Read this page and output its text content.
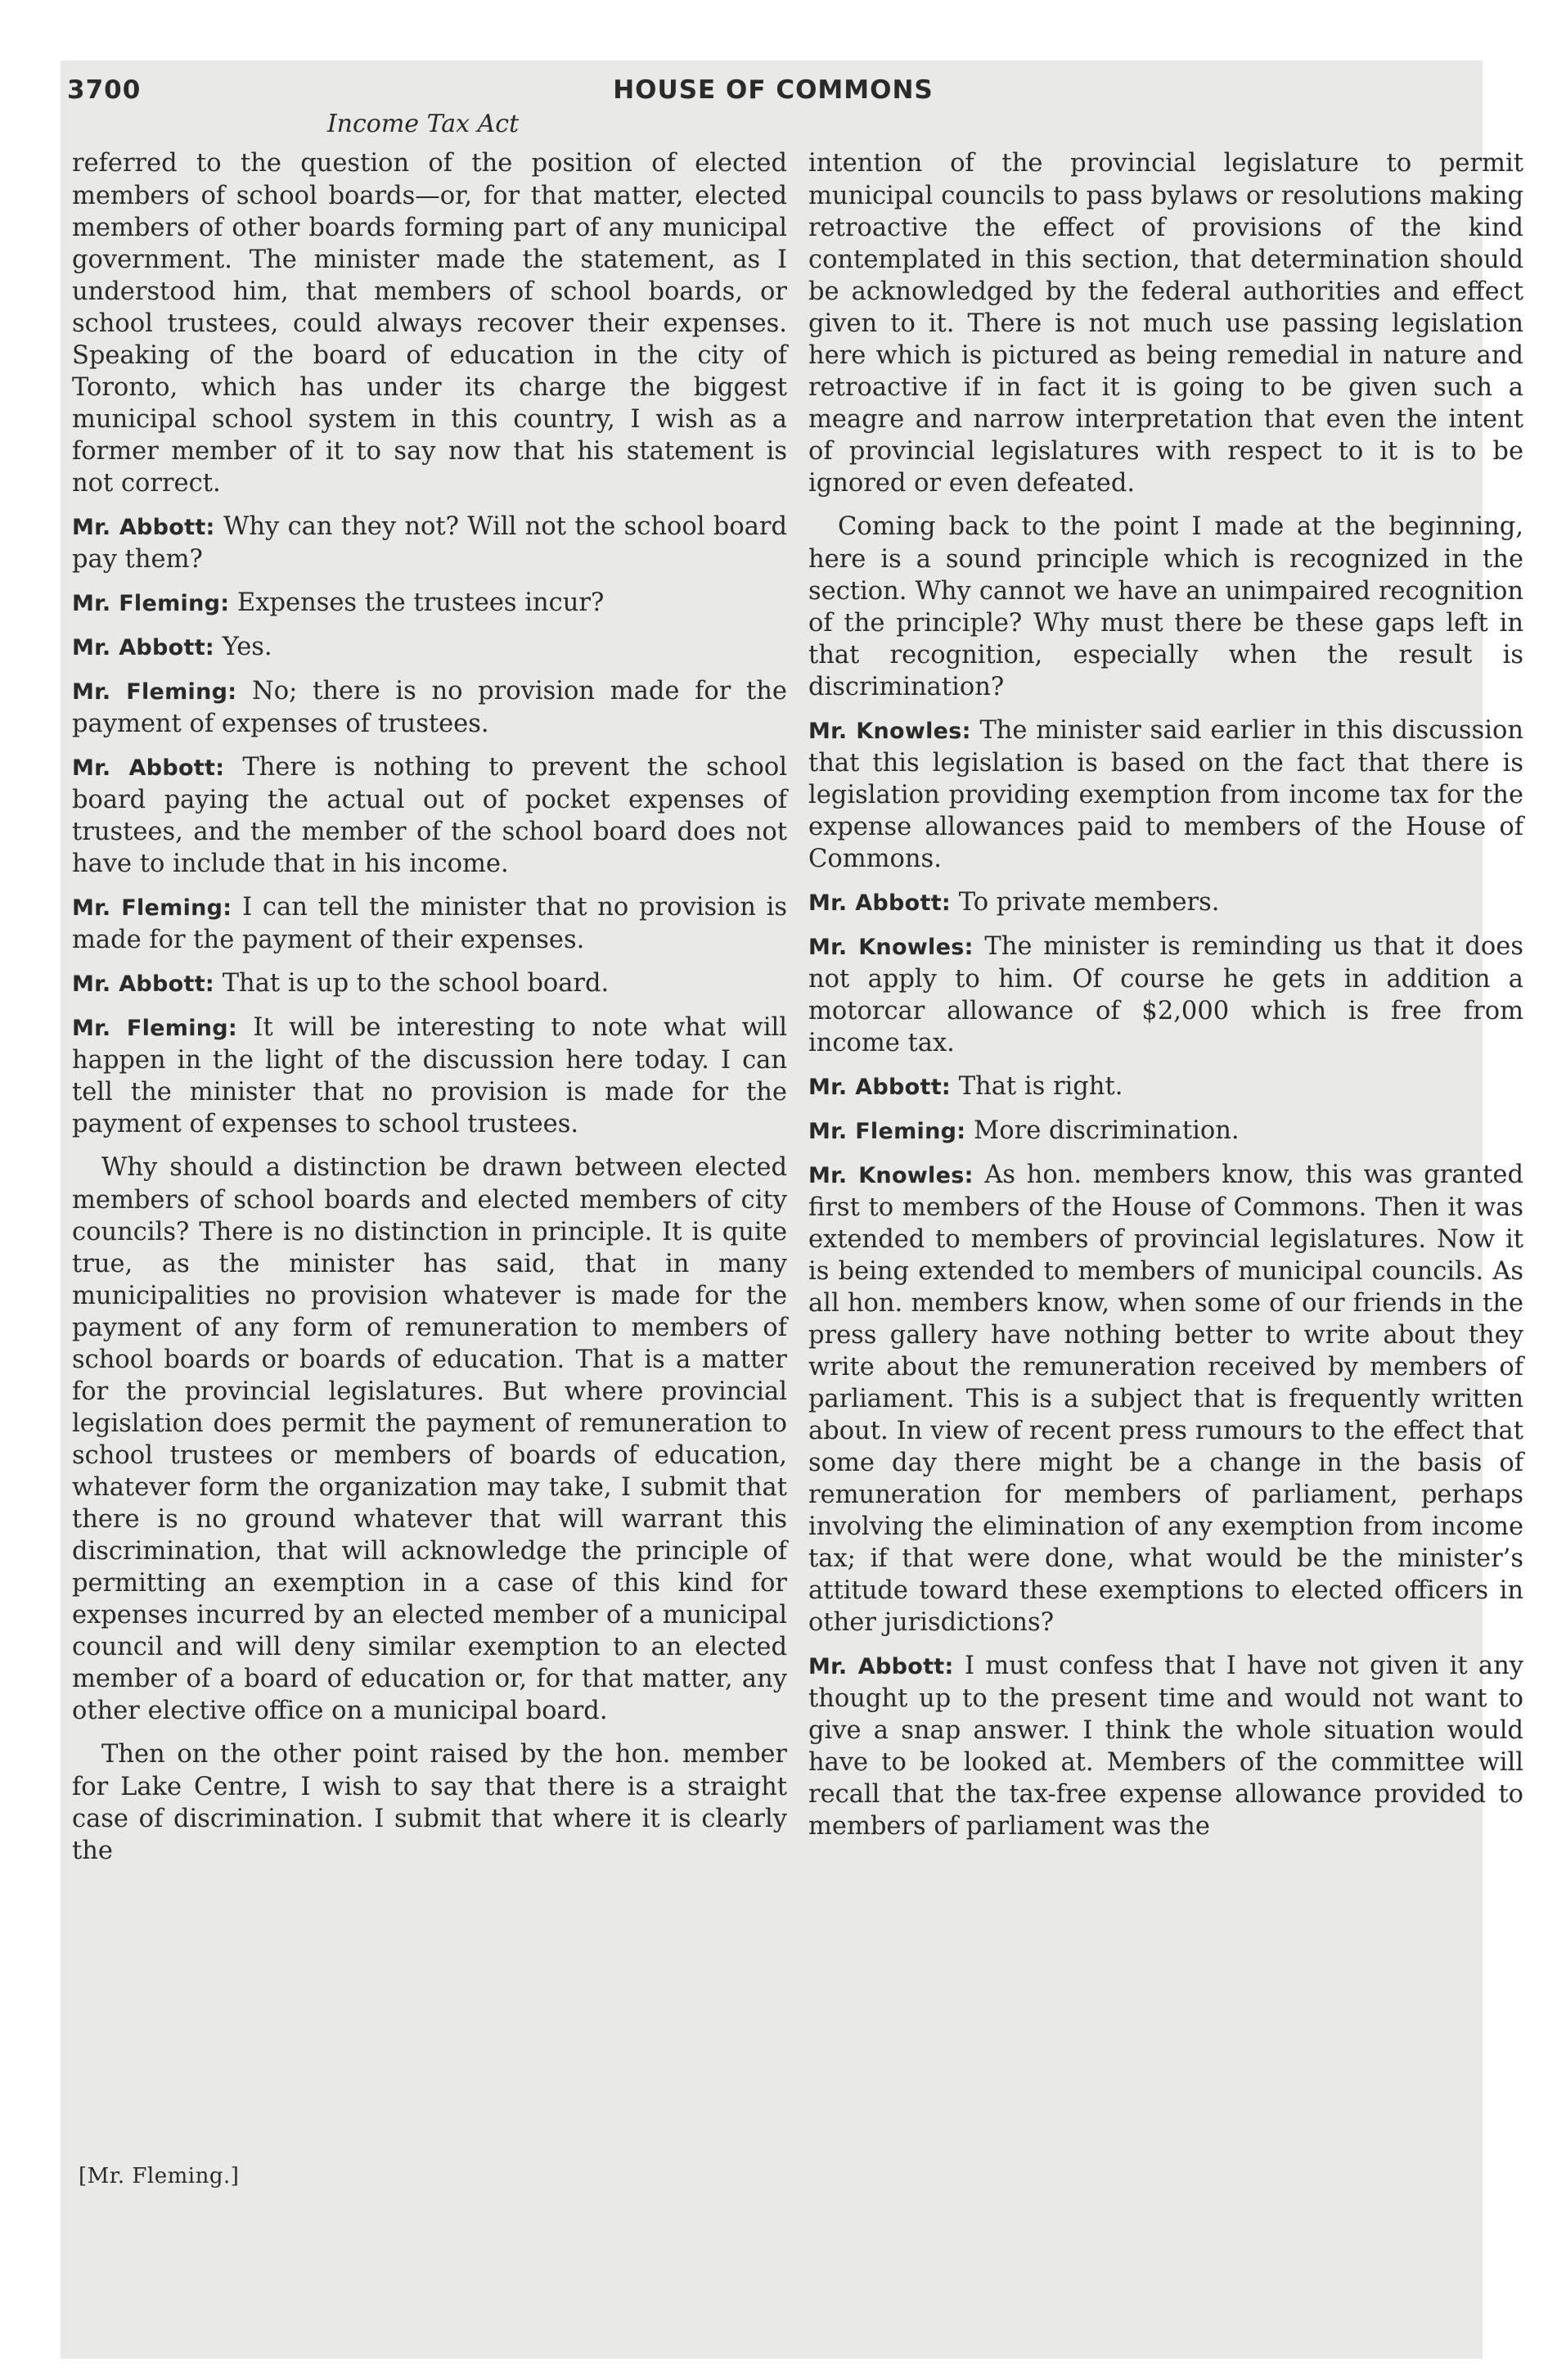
3700	HOUSE OF COMMONS
Income Tax Act

referred to the question of the position of elected members of school boards—or, for that matter, elected members of other boards forming part of any municipal government. The minister made the statement, as I understood him, that members of school boards, or school trustees, could always recover their expenses. Speaking of the board of education in the city of Toronto, which has under its charge the biggest municipal school system in this country, I wish as a former member of it to say now that his statement is not correct.

Mr. Abbott: Why can they not? Will not the school board pay them?

Mr. Fleming: Expenses the trustees incur?

Mr. Abbott: Yes.

Mr. Fleming: No; there is no provision made for the payment of expenses of trustees.

Mr. Abbott: There is nothing to prevent the school board paying the actual out of pocket expenses of trustees, and the member of the school board does not have to include that in his income.

Mr. Fleming: I can tell the minister that no provision is made for the payment of their expenses.

Mr. Abbott: That is up to the school board.

Mr. Fleming: It will be interesting to note what will happen in the light of the discussion here today. I can tell the minister that no provision is made for the payment of expenses to school trustees.

Why should a distinction be drawn between elected members of school boards and elected members of city councils? There is no distinction in principle. It is quite true, as the minister has said, that in many municipalities no provision whatever is made for the payment of any form of remuneration to members of school boards or boards of education. That is a matter for the provincial legislatures. But where provincial legislation does permit the payment of remuneration to school trustees or members of boards of education, whatever form the organization may take, I submit that there is no ground whatever that will warrant this discrimination, that will acknowledge the principle of permitting an exemption in a case of this kind for expenses incurred by an elected member of a municipal council and will deny similar exemption to an elected member of a board of education or, for that matter, any other elective office on a municipal board.

Then on the other point raised by the hon. member for Lake Centre, I wish to say that there is a straight case of discrimination. I submit that where it is clearly the

intention of the provincial legislature to permit municipal councils to pass bylaws or resolutions making retroactive the effect of provisions of the kind contemplated in this section, that determination should be acknowledged by the federal authorities and effect given to it. There is not much use passing legislation here which is pictured as being remedial in nature and retroactive if in fact it is going to be given such a meagre and narrow interpretation that even the intent of provincial legislatures with respect to it is to be ignored or even defeated.

Coming back to the point I made at the beginning, here is a sound principle which is recognized in the section. Why cannot we have an unimpaired recognition of the principle? Why must there be these gaps left in that recognition, especially when the result is discrimination?

Mr. Knowles: The minister said earlier in this discussion that this legislation is based on the fact that there is legislation providing exemption from income tax for the expense allowances paid to members of the House of Commons.

Mr. Abbott: To private members.

Mr. Knowles: The minister is reminding us that it does not apply to him. Of course he gets in addition a motorcar allowance of $2,000 which is free from income tax.

Mr. Abbott: That is right.

Mr. Fleming: More discrimination.

Mr. Knowles: As hon. members know, this was granted first to members of the House of Commons. Then it was extended to members of provincial legislatures. Now it is being extended to members of municipal councils. As all hon. members know, when some of our friends in the press gallery have nothing better to write about they write about the remuneration received by members of parliament. This is a subject that is frequently written about. In view of recent press rumours to the effect that some day there might be a change in the basis of remuneration for members of parliament, perhaps involving the elimination of any exemption from income tax; if that were done, what would be the minister’s attitude toward these exemptions to elected officers in other jurisdictions?

Mr. Abbott: I must confess that I have not given it any thought up to the present time and would not want to give a snap answer. I think the whole situation would have to be looked at. Members of the committee will recall that the tax-free expense allowance provided to members of parliament was the

[Mr. Fleming.]
